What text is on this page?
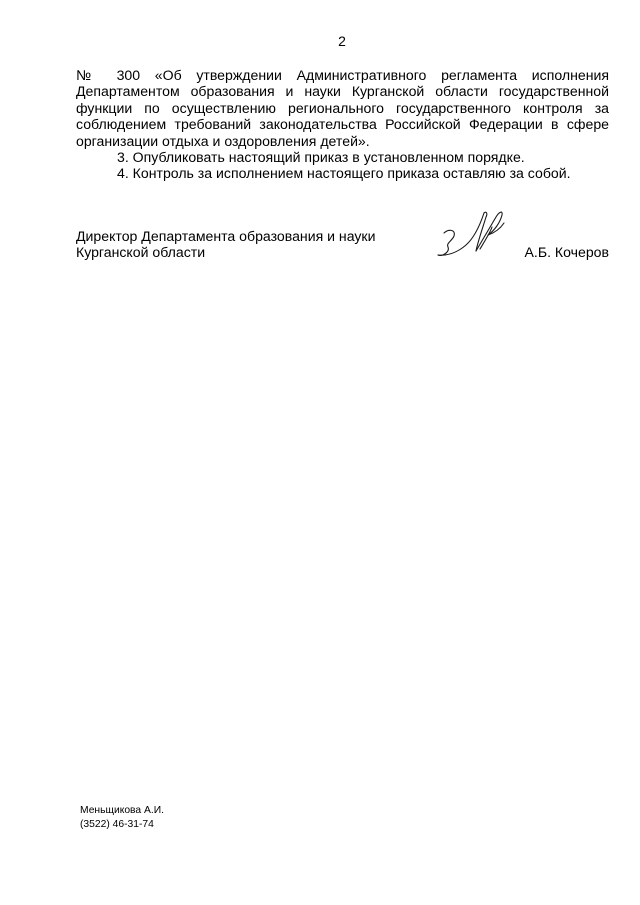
2

№ 300 «Об утверждении Административного регламента исполнения Департаментом образования и науки Курганской области государственной функции по осуществлению регионального государственного контроля за соблюдением требований законодательства Российской Федерации в сфере организации отдыха и оздоровления детей».

3. Опубликовать настоящий приказ в установленном порядке.

4. Контроль за исполнением настоящего приказа оставляю за собой.

Директор Департамента образования и науки Курганской области	А.Б. Кочеров
Меньщикова А.И.
(3522) 46-31-74
